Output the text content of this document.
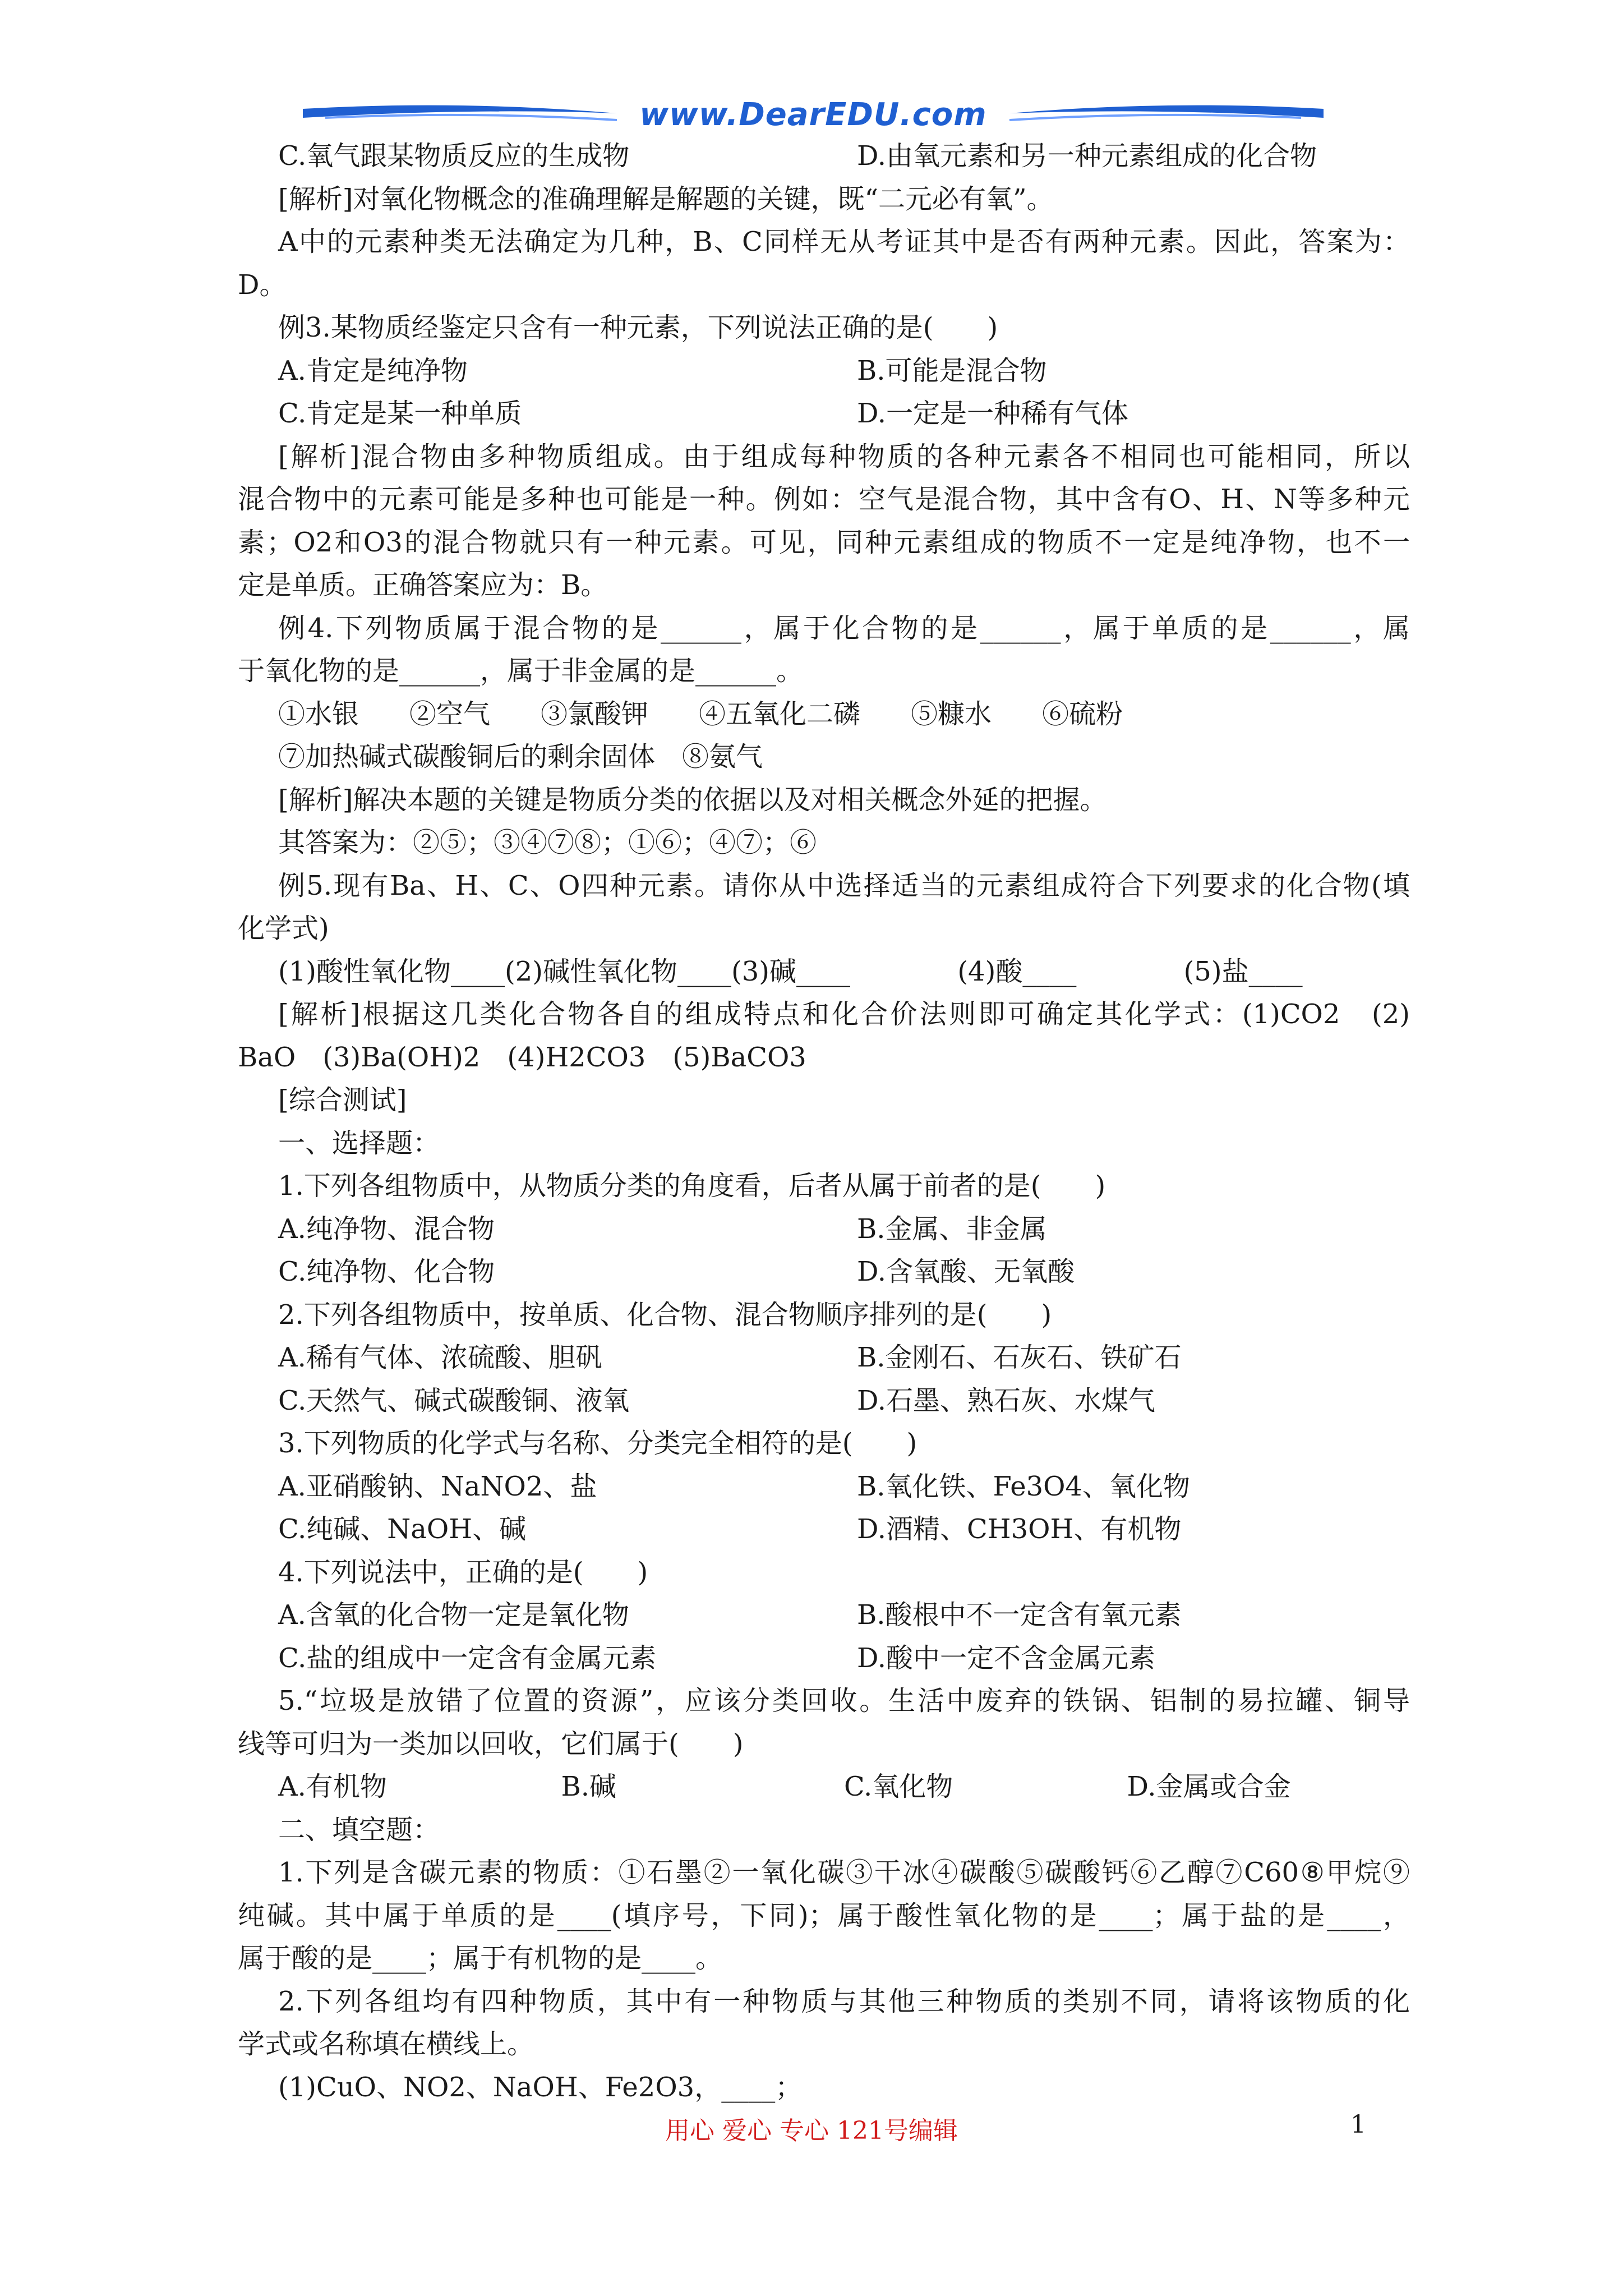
www.DearEDU.com
C.氧气跟某物质反应的生成物	D.由氧元素和另一种元素组成的化合物
[解析]对氧化物概念的准确理解是解题的关键，既“二元必有氧”。
A中的元素种类无法确定为几种，B、C同样无从考证其中是否有两种元素。因此，答案为：
D。
例3.某物质经鉴定只含有一种元素，下列说法正确的是(　　)
A.肯定是纯净物	B.可能是混合物
C.肯定是某一种单质	D.一定是一种稀有气体
[解析]混合物由多种物质组成。由于组成每种物质的各种元素各不相同也可能相同，所以
混合物中的元素可能是多种也可能是一种。例如：空气是混合物，其中含有O、H、N等多种元
素；O2和O3的混合物就只有一种元素。可见，同种元素组成的物质不一定是纯净物，也不一
定是单质。正确答案应为：B。
例4.下列物质属于混合物的是______，属于化合物的是______，属于单质的是______，属
于氧化物的是______，属于非金属的是______。
①水银 ②空气 ③氯酸钾 ④五氧化二磷 ⑤糠水 ⑥硫粉
⑦加热碱式碳酸铜后的剩余固体　⑧氨气
[解析]解决本题的关键是物质分类的依据以及对相关概念外延的把握。
其答案为：②⑤；③④⑦⑧；①⑥；④⑦；⑥
例5.现有Ba、H、C、O四种元素。请你从中选择适当的元素组成符合下列要求的化合物(填
化学式)
(1)酸性氧化物____ (2)碱性氧化物____ (3)碱____	(4)酸____	(5)盐____
[解析]根据这几类化合物各自的组成特点和化合价法则即可确定其化学式：(1)CO2　(2)
BaO　(3)Ba(OH)2　(4)H2CO3　(5)BaCO3
[综合测试]
一、选择题：
1.下列各组物质中，从物质分类的角度看，后者从属于前者的是(　　)
A.纯净物、混合物	B.金属、非金属
C.纯净物、化合物	D.含氧酸、无氧酸
2.下列各组物质中，按单质、化合物、混合物顺序排列的是(　　)
A.稀有气体、浓硫酸、胆矾	B.金刚石、石灰石、铁矿石
C.天然气、碱式碳酸铜、液氧	D.石墨、熟石灰、水煤气
3.下列物质的化学式与名称、分类完全相符的是(　　)
A.亚硝酸钠、NaNO2、盐	B.氧化铁、Fe3O4、氧化物
C.纯碱、NaOH、碱	D.酒精、CH3OH、有机物
4.下列说法中，正确的是(　　)
A.含氧的化合物一定是氧化物	B.酸根中不一定含有氧元素
C.盐的组成中一定含有金属元素	D.酸中一定不含金属元素
5.“垃圾是放错了位置的资源”，应该分类回收。生活中废弃的铁锅、铝制的易拉罐、铜导
线等可归为一类加以回收，它们属于(　　)
A.有机物	B.碱	C.氧化物	D.金属或合金
二、填空题：
1.下列是含碳元素的物质：①石墨②一氧化碳③干冰④碳酸⑤碳酸钙⑥乙醇⑦C60⑧甲烷⑨
纯碱。其中属于单质的是____(填序号，下同)；属于酸性氧化物的是____；属于盐的是____，
属于酸的是____；属于有机物的是____。
2.下列各组均有四种物质，其中有一种物质与其他三种物质的类别不同，请将该物质的化
学式或名称填在横线上。
(1)CuO、NO2、NaOH、Fe2O3，____；
用心 爱心 专心 121号编辑	1
